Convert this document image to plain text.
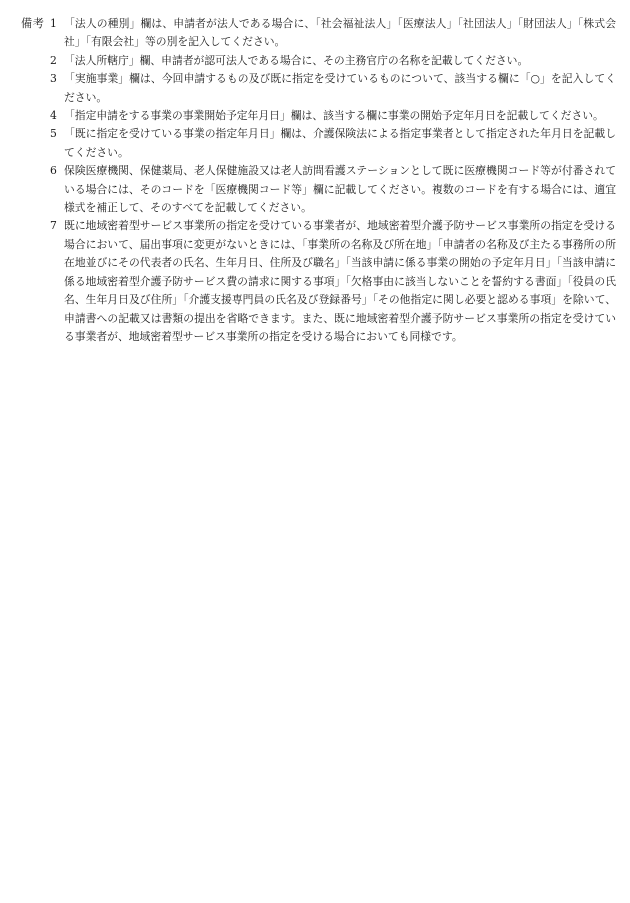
備考 1 「法人の種別」欄は、申請者が法人である場合に、「社会福祉法人」「医療法人」「社団法人」「財団法人」「株式会社」「有限会社」等の別を記入してください。
2 「法人所轄庁」欄、申請者が認可法人である場合に、その主務官庁の名称を記載してください。
3 「実施事業」欄は、今回申請するもの及び既に指定を受けているものについて、該当する欄に「○」を記入してください。
4 「指定申請をする事業の事業開始予定年月日」欄は、該当する欄に事業の開始予定年月日を記載してください。
5 「既に指定を受けている事業の指定年月日」欄は、介護保険法による指定事業者として指定された年月日を記載してください。
6 保険医療機関、保健薬局、老人保健施設又は老人訪問看護ステーションとして既に医療機関コード等が付番されている場合には、そのコードを「医療機関コード等」欄に記載してください。複数のコードを有する場合には、適宜様式を補正して、そのすべてを記載してください。
7 既に地域密着型サービス事業所の指定を受けている事業者が、地域密着型介護予防サービス事業所の指定を受ける場合において、届出事項に変更がないときには、「事業所の名称及び所在地」「申請者の名称及び主たる事務所の所在地並びにその代表者の氏名、生年月日、住所及び職名」「当該申請に係る事業の開始の予定年月日」「当該申請に係る地域密着型介護予防サービス費の請求に関する事項」「欠格事由に該当しないことを誓約する書面」「役員の氏名、生年月日及び住所」「介護支援専門員の氏名及び登録番号」「その他指定に関し必要と認める事項」を除いて、申請書への記載又は書類の提出を省略できます。また、既に地域密着型介護予防サービス事業所の指定を受けている事業者が、地域密着型サービス事業所の指定を受ける場合においても同様です。
